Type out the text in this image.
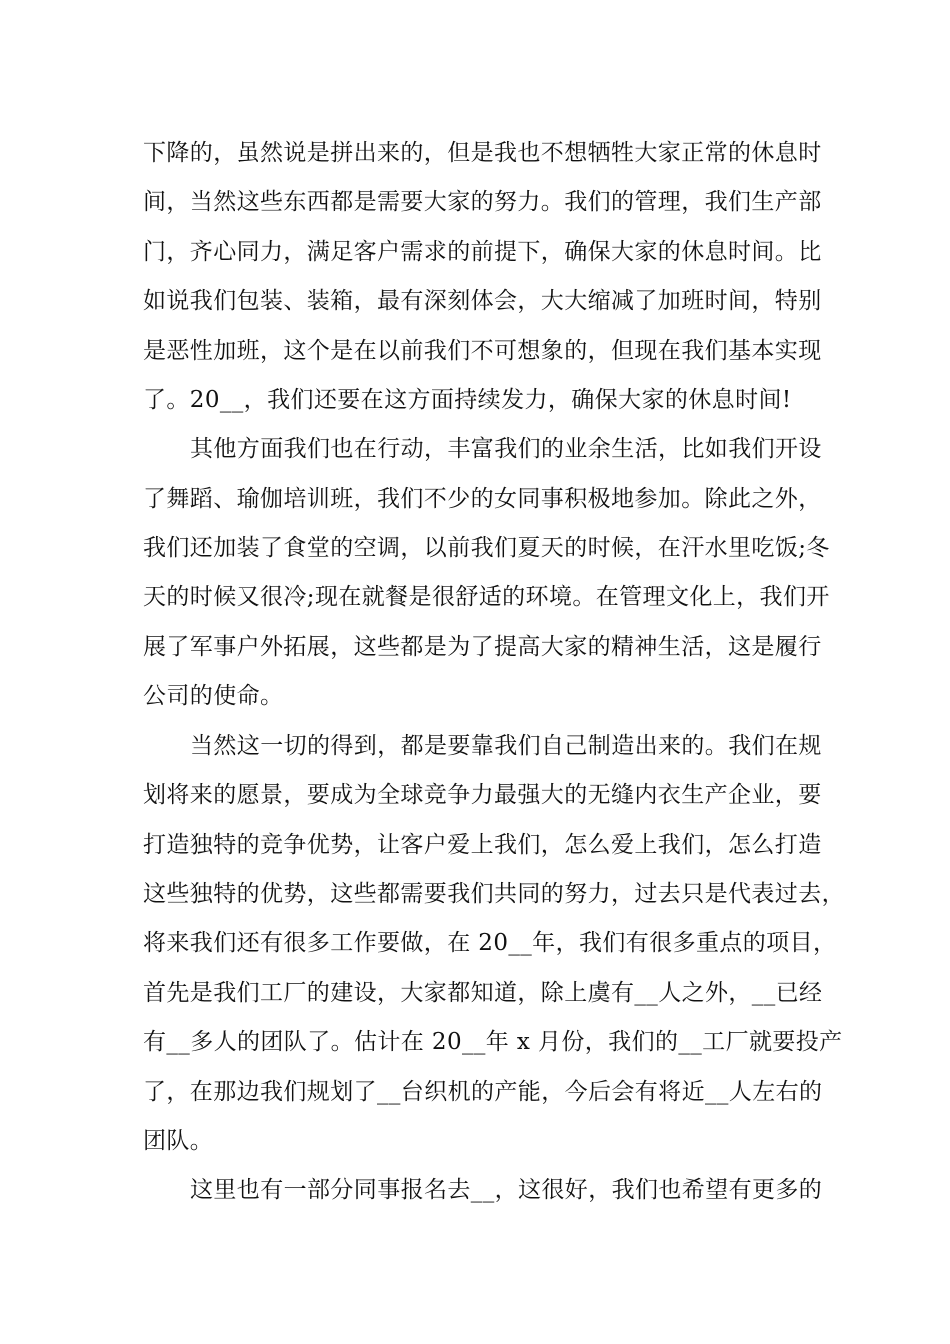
下降的，虽然说是拼出来的，但是我也不想牺牲大家正常的休息时
间，当然这些东西都是需要大家的努力。我们的管理，我们生产部
门，齐心同力，满足客户需求的前提下，确保大家的休息时间。比
如说我们包装、装箱，最有深刻体会，大大缩减了加班时间，特别
是恶性加班，这个是在以前我们不可想象的，但现在我们基本实现
了。20__，我们还要在这方面持续发力，确保大家的休息时间!
其他方面我们也在行动，丰富我们的业余生活，比如我们开设
了舞蹈、瑜伽培训班，我们不少的女同事积极地参加。除此之外，
我们还加装了食堂的空调，以前我们夏天的时候，在汗水里吃饭;冬
天的时候又很冷;现在就餐是很舒适的环境。在管理文化上，我们开
展了军事户外拓展，这些都是为了提高大家的精神生活，这是履行
公司的使命。
当然这一切的得到，都是要靠我们自己制造出来的。我们在规
划将来的愿景，要成为全球竞争力最强大的无缝内衣生产企业，要
打造独特的竞争优势，让客户爱上我们，怎么爱上我们，怎么打造
这些独特的优势，这些都需要我们共同的努力，过去只是代表过去，
将来我们还有很多工作要做，在 20__年，我们有很多重点的项目，
首先是我们工厂的建设，大家都知道，除上虞有__人之外，__已经
有__多人的团队了。估计在 20__年 x 月份，我们的__工厂就要投产
了，在那边我们规划了__台织机的产能，今后会有将近__人左右的
团队。
这里也有一部分同事报名去__，这很好，我们也希望有更多的
